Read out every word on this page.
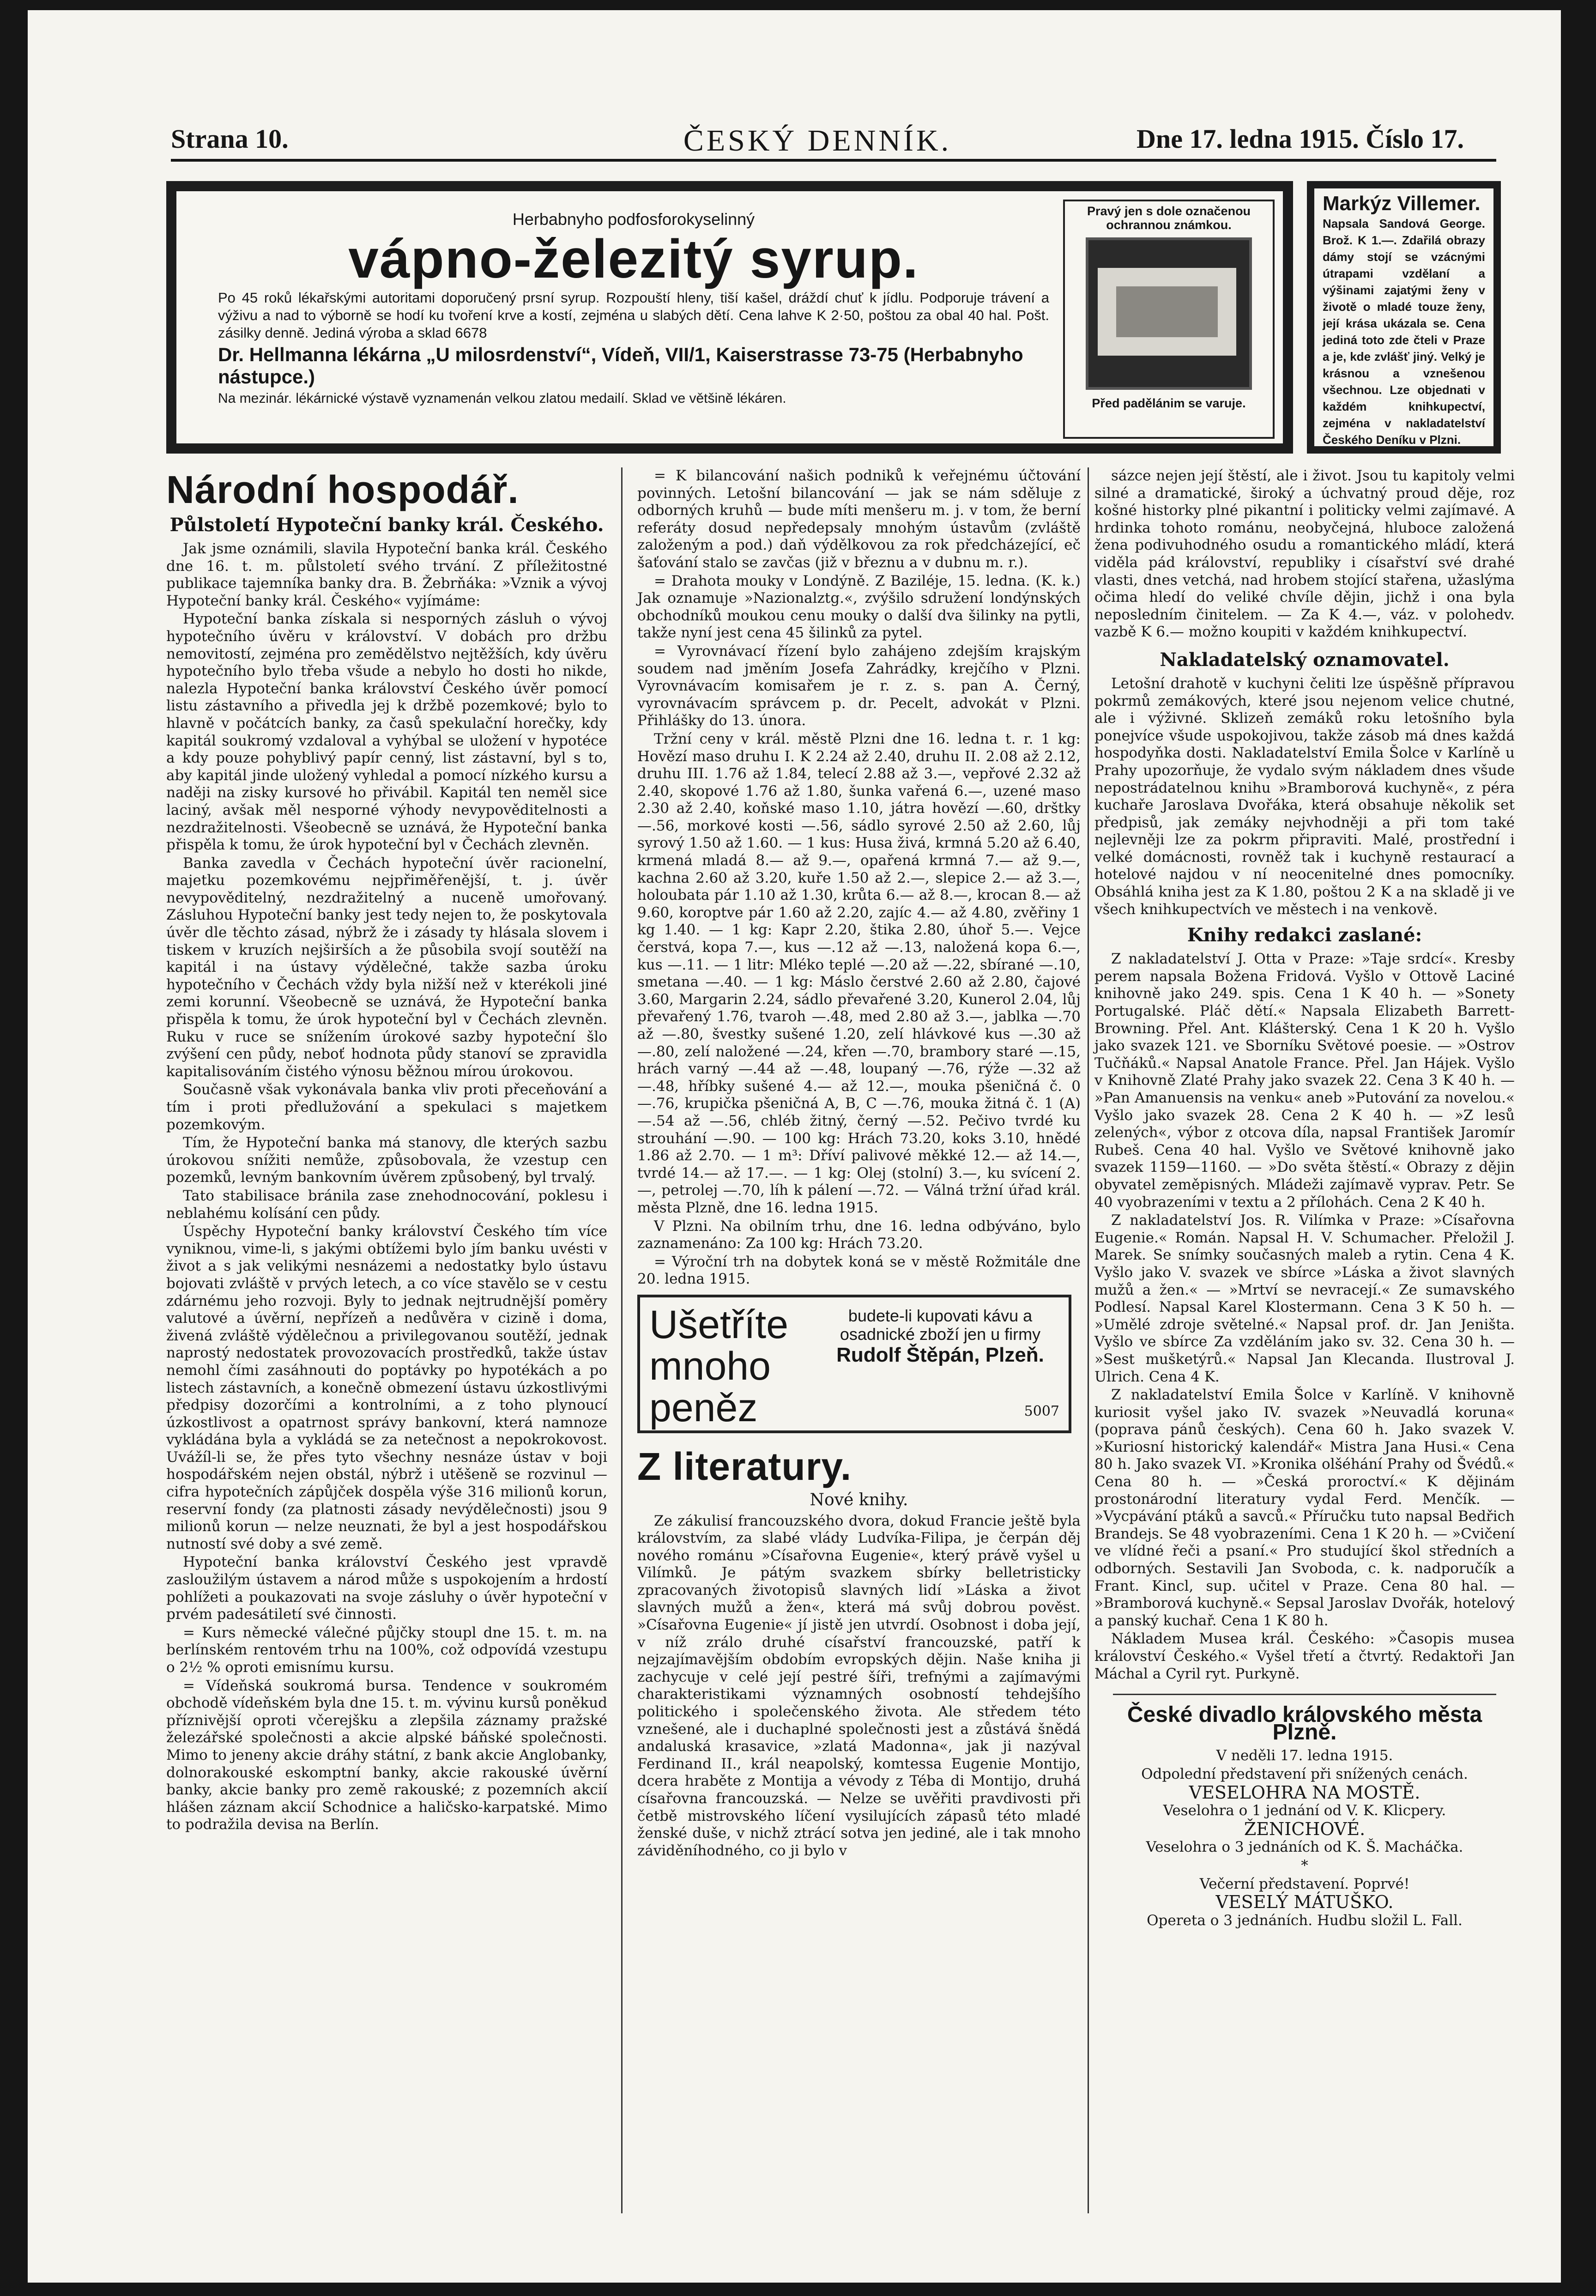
Strana 10.	ČESKÝ DENNÍK.	Dne 17. ledna 1915. Číslo 17.
Herbabnyho podfosforokyselinný
vápno-železitý syrup.
Po 45 roků lékařskými autoritami doporučený prsní syrup. Rozpouští hleny, tiší kašel, dráždí chuť k jídlu. Podporuje trávení a výživu a nad to výborně se hodí ku tvoření krve a kostí, zejména u slabých dětí. Cena lahve K 2·50, poštou za obal 40 hal. Pošt. zásilky denně. Jediná výroba a sklad 6678
Dr. Hellmanna lékárna „U milosrdenství“, Vídeň, VII/1, Kaiserstrasse 73-75 (Herbabnyho nástupce.)
Na mezinár. lékárnické výstavě vyznamenán velkou zlatou medailí. Sklad ve většině lékáren.
Pravý jen s dole označenou ochrannou známkou.
Před padělánim se varuje.
Markýz Villemer.
Napsala Sandová George. Brož. K 1.—. Zdařilá obrazy dámy stojí se vzácnými útrapami vzdělaní a výšinami zajatými ženy v životě o mladé touze ženy, její krása ukázala se. Cena jediná toto zde čteli v Praze a je, kde zvlášť jiný. Velký je krásnou a vznešenou všechnou. Lze objednati v každém knihkupectví, zejména v nakladatelství Českého Deníku v Plzni.
Národní hospodář.
Půlstoletí Hypoteční banky král. Českého.

Jak jsme oznámili, slavila Hypoteční banka král. Českého dne 16. t. m. půlstoletí svého trvání. Z příležitostné publikace tajemníka banky dra. B. Žebrňáka: »Vznik a vývoj Hypoteční banky král. Českého« vyjímáme:

Hypoteční banka získala si nesporných zásluh o vývoj hypotečního úvěru v království. V dobách pro držbu nemovitostí, zejména pro zemědělstvo nejtěžších, kdy úvěru hypotečního bylo třeba všude a nebylo ho dosti ho nikde, nalezla Hypoteční banka království Českého úvěr pomocí listu zástavního a přivedla jej k držbě pozemkové; bylo to hlavně v počátcích banky, za časů spekulační horečky, kdy kapitál soukromý vzdaloval a vyhýbal se uložení v hypotéce a kdy pouze pohyblivý papír cenný, list zástavní, byl s to, aby kapitál jinde uložený vyhledal a pomocí nízkého kursu a naději na zisky kursové ho přivábil. Kapitál ten neměl sice laciný, avšak měl nesporné výhody nevypověditelnosti a nezdražitelnosti. Všeobecně se uznává, že Hypoteční banka přispěla k tomu, že úrok hypoteční byl v Čechách zlevněn.

Banka zavedla v Čechách hypoteční úvěr racionelní, majetku pozemkovému nejpřiměřenější, t. j. úvěr nevypověditelný, nezdražitelný a nuceně umořovaný. Zásluhou Hypoteční banky jest tedy nejen to, že poskytovala úvěr dle těchto zásad, nýbrž že i zásady ty hlásala slovem i tiskem v kruzích nejširších a že působila svojí soutěží na kapitál i na ústavy výdělečné, takže sazba úroku hypotečního v Čechách vždy byla nižší než v kterékoli jiné zemi korunní. Všeobecně se uznává, že Hypoteční banka přispěla k tomu, že úrok hypoteční byl v Čechách zlevněn. Ruku v ruce se snížením úrokové sazby hypoteční šlo zvýšení cen půdy, neboť hodnota půdy stanoví se zpravidla kapitalisováním čistého výnosu běžnou mírou úrokovou.

Současně však vykonávala banka vliv proti přeceňování a tím i proti předlužování a spekulaci s majetkem pozemkovým.

Tím, že Hypoteční banka má stanovy, dle kterých sazbu úrokovou snížiti nemůže, způsobovala, že vzestup cen pozemků, levným bankovním úvěrem způsobený, byl trvalý.

Tato stabilisace bránila zase znehodnocování, poklesu i neblahému kolísání cen půdy.

Úspěchy Hypoteční banky království Českého tím více vyniknou, vime-li, s jakými obtížemi bylo jím banku uvésti v život a s jak velikými nesnázemi a nedostatky bylo ústavu bojovati zvláště v prvých letech, a co více stavělo se v cestu zdárnému jeho rozvoji. Byly to jednak nejtrudnější poměry valutové a úvěrní, nepřízeň a nedůvěra v cizině i doma, živená zvláště výdělečnou a privilegovanou soutěží, jednak naprostý nedostatek provozovacích prostředků, takže ústav nemohl čími zasáhnouti do poptávky po hypotékách a po listech zástavních, a konečně obmezení ústavu úzkostlivými předpisy dozorčími a kontrolními, a z toho plynoucí úzkostlivost a opatrnost správy bankovní, která namnoze vykládána byla a vykládá se za netečnost a nepokrokovost. Uvážíl-li se, že přes tyto všechny nesnáze ústav v boji hospodářském nejen obstál, nýbrž i utěšeně se rozvinul — cifra hypotečních zápůjček dospěla výše 316 milionů korun, reservní fondy (za platnosti zásady nevýdělečnosti) jsou 9 milionů korun — nelze neuznati, že byl a jest hospodářskou nutností své doby a své země.

Hypoteční banka království Českého jest vpravdě zasloužilým ústavem a národ může s uspokojením a hrdostí pohlížeti a poukazovati na svoje zásluhy o úvěr hypoteční v prvém padesátiletí své činnosti.

= Kurs německé válečné půjčky stoupl dne 15. t. m. na berlínském rentovém trhu na 100%, což odpovídá vzestupu o 2½ % oproti emisnímu kursu.

= Vídeňská soukromá bursa. Tendence v soukromém obchodě vídeňském byla dne 15. t. m. vývinu kursů poněkud příznivější oproti včerejšku a zlepšila záznamy pražské železářské společnosti a akcie alpské báňské společnosti. Mimo to jeneny akcie dráhy státní, z bank akcie Anglobanky, dolnorakouské eskomptní banky, akcie rakouské úvěrní banky, akcie banky pro země rakouské; z pozemních akcií hlášen záznam akcií Schodnice a haličsko-karpatské. Mimo to podražila devisa na Berlín.

= K bilancování našich podniků k veřejnému účtování povinných. Letošní bilancování — jak se nám sděluje z odborných kruhů — bude míti menšeru m. j. v tom, že berní referáty dosud nepředepsaly mnohým ústavům (zvláště založeným a pod.) daň výdělkovou za rok předcházející, eč šaťování stalo se zavčas (již v březnu a v dubnu m. r.).

= Drahota mouky v Londýně. Z Baziléje, 15. ledna. (K. k.) Jak oznamuje »Nazionalztg.«, zvýšilo sdružení londýnských obchodníků moukou cenu mouky o další dva šilinky na pytli, takže nyní jest cena 45 šilinků za pytel.

= Vyrovnávací řízení bylo zahájeno zdejším krajským soudem nad jměním Josefa Zahrádky, krejčího v Plzni. Vyrovnávacím komisařem je r. z. s. pan A. Černý, vyrovnávacím správcem p. dr. Pecelt, advokát v Plzni. Přihlášky do 13. února.

Tržní ceny v král. městě Plzni dne 16. ledna t. r. 1 kg: Hovězí maso druhu I. K 2.24 až 2.40, druhu II. 2.08 až 2.12, druhu III. 1.76 až 1.84, telecí 2.88 až 3.—, vepřové 2.32 až 2.40, skopové 1.76 až 1.80, šunka vařená 6.—, uzené maso 2.30 až 2.40, koňské maso 1.10, játra hovězí —.60, drštky —.56, morkové kosti —.56, sádlo syrové 2.50 až 2.60, lůj syrový 1.50 až 1.60. — 1 kus: Husa živá, krmná 5.20 až 6.40, krmená mladá 8.— až 9.—, opařená krmná 7.— až 9.—, kachna 2.60 až 3.20, kuře 1.50 až 2.—, slepice 2.— až 3.—, holoubata pár 1.10 až 1.30, krůta 6.— až 8.—, krocan 8.— až 9.60, koroptve pár 1.60 až 2.20, zajíc 4.— až 4.80, zvěřiny 1 kg 1.40. — 1 kg: Kapr 2.20, štika 2.80, úhoř 5.—. Vejce čerstvá, kopa 7.—, kus —.12 až —.13, naložená kopa 6.—, kus —.11. — 1 litr: Mléko teplé —.20 až —.22, sbírané —.10, smetana —.40. — 1 kg: Máslo čerstvé 2.60 až 2.80, čajové 3.60, Margarin 2.24, sádlo převařené 3.20, Kunerol 2.04, lůj převařený 1.76, tvaroh —.48, med 2.80 až 3.—, jablka —.70 až —.80, švestky sušené 1.20, zelí hlávkové kus —.30 až —.80, zelí naložené —.24, křen —.70, brambory staré —.15, hrách varný —.44 až —.48, loupaný —.76, rýže —.32 až —.48, hříbky sušené 4.— až 12.—, mouka pšeničná č. 0 —.76, krupička pšeničná A, B, C —.76, mouka žitná č. 1 (A) —.54 až —.56, chléb žitný, černý —.52. Pečivo tvrdé ku strouhání —.90. — 100 kg: Hrách 73.20, koks 3.10, hnědé 1.86 až 2.70. — 1 m³: Dříví palivové měkké 12.— až 14.—, tvrdé 14.— až 17.—. — 1 kg: Olej (stolní) 3.—, ku svícení 2.—, petrolej —.70, líh k pálení —.72. — Válná tržní úřad král. města Plzně, dne 16. ledna 1915.

V Plzni. Na obilním trhu, dne 16. ledna odbýváno, bylo zaznamenáno: Za 100 kg: Hrách 73.20.

= Výroční trh na dobytek koná se v městě Rožmitále dne 20. ledna 1915.

Ušetříte mnoho peněz
budete-li kupovati kávu a osadnické zboží jen u firmy
Rudolf Štěpán, Plzeň.
5007
Z literatury.
Nové knihy.

Ze zákulisí francouzského dvora, dokud Francie ještě byla královstvím, za slabé vlády Ludvíka-Filipa, je čerpán děj nového románu »Císařovna Eugenie«, který právě vyšel u Vilímků. Je pátým svazkem sbírky belletristicky zpracovaných životopisů slavných lidí »Láska a život slavných mužů a žen«, která má svůj dobrou pověst. »Císařovna Eugenie« jí jistě jen utvrdí. Osobnost i doba její, v níž zrálo druhé císařství francouzské, patří k nejzajímavějším obdobím evropských dějin. Naše kniha ji zachycuje v celé její pestré šíři, trefnými a zajímavými charakteristikami významných osobností tehdejšího politického i společenského života. Ale středem této vznešené, ale i duchaplné společnosti jest a zůstává šnědá andaluská krasavice, »zlatá Madonna«, jak ji nazýval Ferdinand II., král neapolský, komtessa Eugenie Montijo, dcera hraběte z Montija a vévody z Téba di Montijo, druhá císařovna francouzská. — Nelze se uvěřiti pravdivosti při četbě mistrovského líčení vysilujících zápasů této mladé ženské duše, v nichž ztrácí sotva jen jediné, ale i tak mnoho záviděníhodného, co ji bylo v

sázce nejen její štěstí, ale i život. Jsou tu kapitoly velmi silné a dramatické, široký a úchvatný proud děje, roz košné historky plné pikantní i politicky velmi zajímavé. A hrdinka tohoto románu, neobyčejná, hluboce založená žena podivuhodného osudu a romantického mládí, která viděla pád království, republiky i císařství své drahé vlasti, dnes vetchá, nad hrobem stojící stařena, užaslýma očima hledí do veliké chvíle dějin, jichž i ona byla neposledním činitelem. — Za K 4.—, váz. v polohedv. vazbě K 6.— možno koupiti v každém knihkupectví.

Nakladatelský oznamovatel.

Letošní drahotě v kuchyni čeliti lze úspěšně přípravou pokrmů zemákových, které jsou nejenom velice chutné, ale i výživné. Sklizeň zemáků roku letošního byla ponejvíce všude uspokojivou, takže zásob má dnes každá hospodyňka dosti. Nakladatelství Emila Šolce v Karlíně u Prahy upozorňuje, že vydalo svým nákladem dnes všude nepostrádatelnou knihu »Bramborová kuchyně«, z péra kuchaře Jaroslava Dvořáka, která obsahuje několik set předpisů, jak zemáky nejvhodněji a při tom také nejlevněji lze za pokrm připraviti. Malé, prostřední i velké domácnosti, rovněž tak i kuchyně restaurací a hotelové najdou v ní neocenitelné dnes pomocníky. Obsáhlá kniha jest za K 1.80, poštou 2 K a na skladě ji ve všech knihkupectvích ve městech i na venkově.

Knihy redakci zaslané:

Z nakladatelství J. Otta v Praze: »Taje srdcí«. Kresby perem napsala Božena Fridová. Vyšlo v Ottově Laciné knihovně jako 249. spis. Cena 1 K 40 h. — »Sonety Portugalské. Pláč dětí.« Napsala Elizabeth Barrett-Browning. Přel. Ant. Klášterský. Cena 1 K 20 h. Vyšlo jako svazek 121. ve Sborníku Světové poesie. — »Ostrov Tučňáků.« Napsal Anatole France. Přel. Jan Hájek. Vyšlo v Knihovně Zlaté Prahy jako svazek 22. Cena 3 K 40 h. — »Pan Amanuensis na venku« aneb »Putování za novelou.« Vyšlo jako svazek 28. Cena 2 K 40 h. — »Z lesů zelených«, výbor z otcova díla, napsal František Jaromír Rubeš. Cena 40 hal. Vyšlo ve Světové knihovně jako svazek 1159—1160. — »Do světa štěstí.« Obrazy z dějin obyvatel zeměpisných. Mládeži zajímavě vyprav. Petr. Se 40 vyobrazeními v textu a 2 přílohách. Cena 2 K 40 h.

Z nakladatelství Jos. R. Vilímka v Praze: »Císařovna Eugenie.« Román. Napsal H. V. Schumacher. Přeložil J. Marek. Se snímky současných maleb a rytin. Cena 4 K. Vyšlo jako V. svazek ve sbírce »Láska a život slavných mužů a žen.« — »Mrtví se nevracejí.« Ze sumavského Podlesí. Napsal Karel Klostermann. Cena 3 K 50 h. — »Umělé zdroje světelné.« Napsal prof. dr. Jan Jeništa. Vyšlo ve sbírce Za vzděláním jako sv. 32. Cena 30 h. — »Sest mušketýrů.« Napsal Jan Klecanda. Ilustroval J. Ulrich. Cena 4 K.

Z nakladatelství Emila Šolce v Karlíně. V knihovně kuriosit vyšel jako IV. svazek »Neuvadlá koruna« (poprava pánů českých). Cena 60 h. Jako svazek V. »Kuriosní historický kalendář« Mistra Jana Husi.« Cena 80 h. Jako svazek VI. »Kronika olšéhání Prahy od Švédů.« Cena 80 h. — »Česká proroctví.« K dějinám prostonárodní literatury vydal Ferd. Menčík. — »Vycpávání ptáků a savců.« Příručku tuto napsal Bedřich Brandejs. Se 48 vyobrazeními. Cena 1 K 20 h. — »Cvičení ve vlídné řeči a psaní.« Pro studující škol středních a odborných. Sestavili Jan Svoboda, c. k. nadporučík a Frant. Kincl, sup. učitel v Praze. Cena 80 hal. — »Bramborová kuchyně.« Sepsal Jaroslav Dvořák, hotelový a panský kuchař. Cena 1 K 80 h.

Nákladem Musea král. Českého: »Časopis musea království Českého.« Vyšel třetí a čtvrtý. Redaktoři Jan Máchal a Cyril ryt. Purkyně.

České divadlo královského města Plzně.

V neděli 17. ledna 1915.

Odpolední představení při snížených cenách.

VESELOHRA NA MOSTĚ.

Veselohra o 1 jednání od V. K. Klicpery.

ŽENICHOVÉ.

Veselohra o 3 jednáních od K. Š. Macháčka.

*

Večerní představení. Poprvé!

VESELÝ MÁTUŠKO.

Opereta o 3 jednáních. Hudbu složil L. Fall.
